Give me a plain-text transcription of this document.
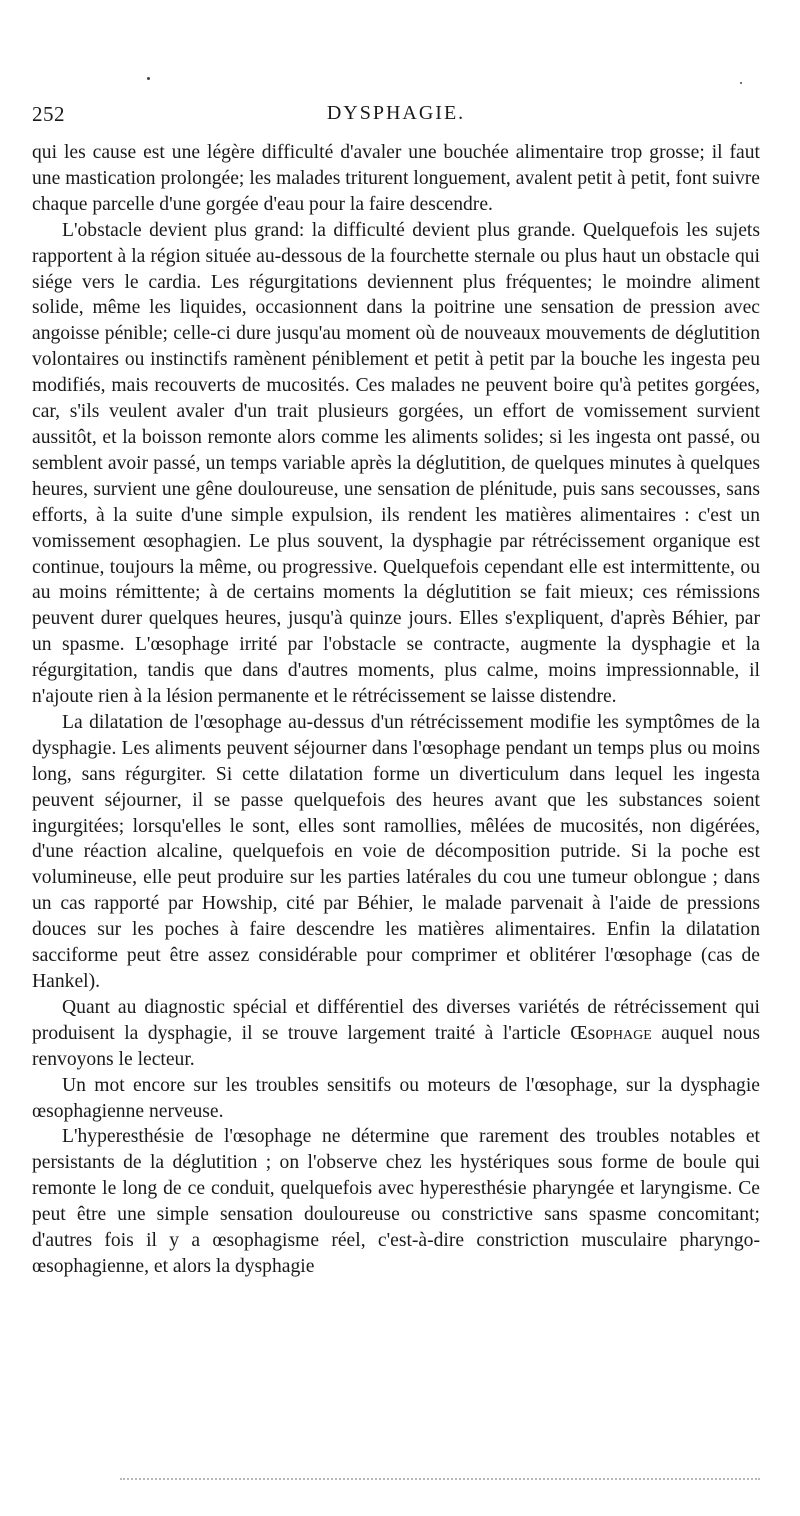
252	DYSPHAGIE.

qui les cause est une légère difficulté d'avaler une bouchée alimentaire trop grosse; il faut une mastication prolongée; les malades triturent longuement, avalent petit à petit, font suivre chaque parcelle d'une gorgée d'eau pour la faire descendre.

L'obstacle devient plus grand: la difficulté devient plus grande. Quelquefois les sujets rapportent à la région située au-dessous de la fourchette sternale ou plus haut un obstacle qui siége vers le cardia. Les régurgitations deviennent plus fréquentes; le moindre aliment solide, même les liquides, occasionnent dans la poitrine une sensation de pression avec angoisse pénible; celle-ci dure jusqu'au moment où de nouveaux mouvements de déglutition volontaires ou instinctifs ramènent péniblement et petit à petit par la bouche les ingesta peu modifiés, mais recouverts de mucosités. Ces malades ne peuvent boire qu'à petites gorgées, car, s'ils veulent avaler d'un trait plusieurs gorgées, un effort de vomissement survient aussitôt, et la boisson remonte alors comme les aliments solides; si les ingesta ont passé, ou semblent avoir passé, un temps variable après la déglutition, de quelques minutes à quelques heures, survient une gêne douloureuse, une sensation de plénitude, puis sans secousses, sans efforts, à la suite d'une simple expulsion, ils rendent les matières alimentaires : c'est un vomissement œsophagien. Le plus souvent, la dysphagie par rétrécissement organique est continue, toujours la même, ou progressive. Quelquefois cependant elle est intermittente, ou au moins rémittente; à de certains moments la déglutition se fait mieux; ces rémissions peuvent durer quelques heures, jusqu'à quinze jours. Elles s'expliquent, d'après Béhier, par un spasme. L'œsophage irrité par l'obstacle se contracte, augmente la dysphagie et la régurgitation, tandis que dans d'autres moments, plus calme, moins impressionnable, il n'ajoute rien à la lésion permanente et le rétrécissement se laisse distendre.

La dilatation de l'œsophage au-dessus d'un rétrécissement modifie les symptômes de la dysphagie. Les aliments peuvent séjourner dans l'œsophage pendant un temps plus ou moins long, sans régurgiter. Si cette dilatation forme un diverticulum dans lequel les ingesta peuvent séjourner, il se passe quelquefois des heures avant que les substances soient ingurgitées; lorsqu'elles le sont, elles sont ramollies, mêlées de mucosités, non digérées, d'une réaction alcaline, quelquefois en voie de décomposition putride. Si la poche est volumineuse, elle peut produire sur les parties latérales du cou une tumeur oblongue ; dans un cas rapporté par Howship, cité par Béhier, le malade parvenait à l'aide de pressions douces sur les poches à faire descendre les matières alimentaires. Enfin la dilatation sacciforme peut être assez considérable pour comprimer et oblitérer l'œsophage (cas de Hankel).

Quant au diagnostic spécial et différentiel des diverses variétés de rétrécissement qui produisent la dysphagie, il se trouve largement traité à l'article Œsophage auquel nous renvoyons le lecteur.

Un mot encore sur les troubles sensitifs ou moteurs de l'œsophage, sur la dysphagie œsophagienne nerveuse.

L'hyperesthésie de l'œsophage ne détermine que rarement des troubles notables et persistants de la déglutition ; on l'observe chez les hystériques sous forme de boule qui remonte le long de ce conduit, quelquefois avec hyperesthésie pharyngée et laryngisme. Ce peut être une simple sensation douloureuse ou constrictive sans spasme concomitant; d'autres fois il y a œsophagisme réel, c'est-à-dire constriction musculaire pharyngo-œsophagienne, et alors la dysphagie
